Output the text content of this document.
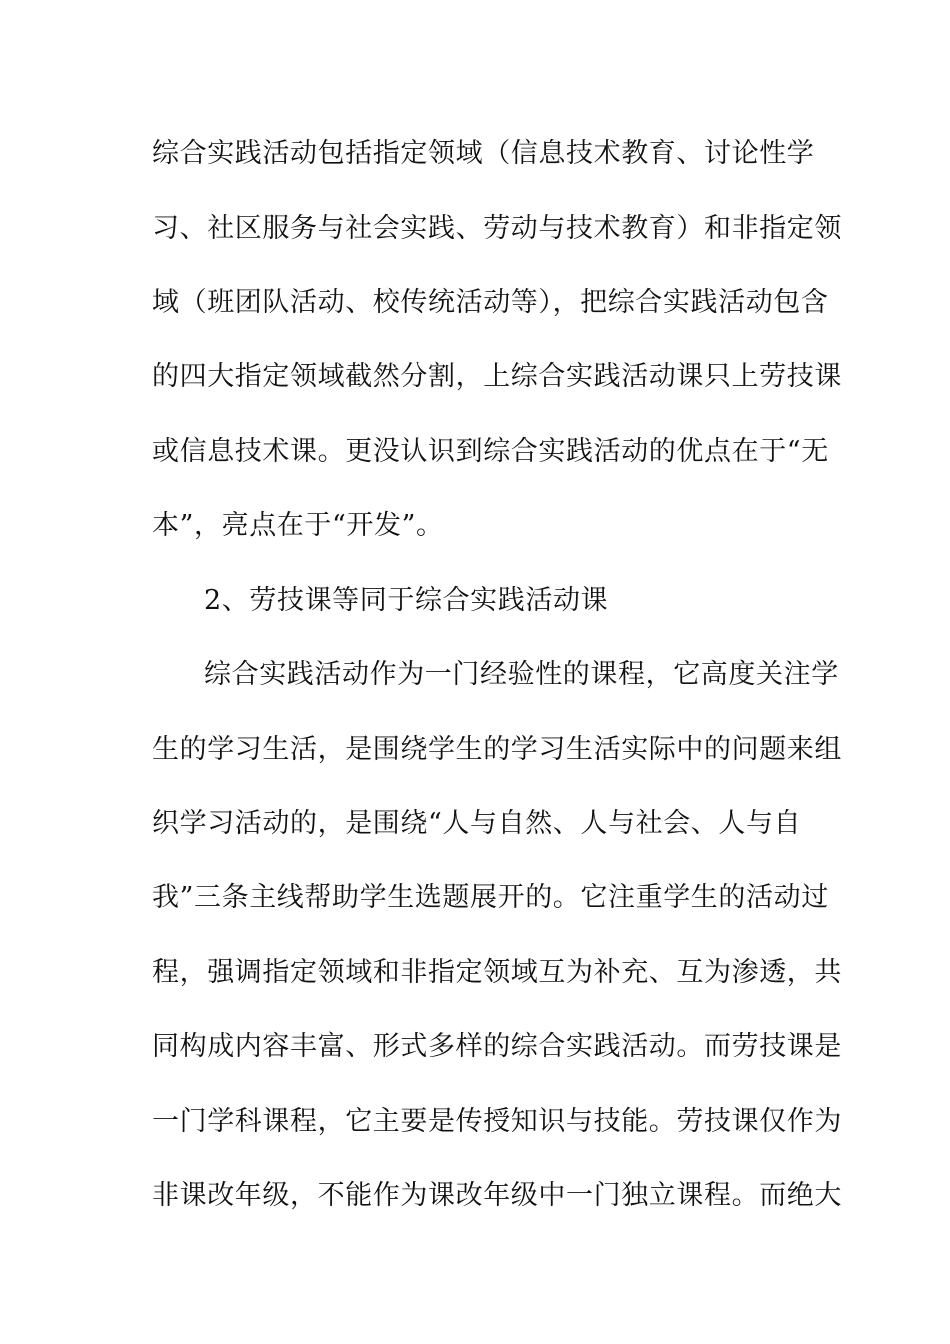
综合实践活动包括指定领域（信息技术教育、讨论性学
习、社区服务与社会实践、劳动与技术教育）和非指定领
域（班团队活动、校传统活动等），把综合实践活动包含
的四大指定领域截然分割，上综合实践活动课只上劳技课
或信息技术课。更没认识到综合实践活动的优点在于“无
本”，亮点在于“开发”。
2、劳技课等同于综合实践活动课
综合实践活动作为一门经验性的课程，它高度关注学
生的学习生活，是围绕学生的学习生活实际中的问题来组
织学习活动的，是围绕“人与自然、人与社会、人与自
我”三条主线帮助学生选题展开的。它注重学生的活动过
程，强调指定领域和非指定领域互为补充、互为渗透，共
同构成内容丰富、形式多样的综合实践活动。而劳技课是
一门学科课程，它主要是传授知识与技能。劳技课仅作为
非课改年级，不能作为课改年级中一门独立课程。而绝大
